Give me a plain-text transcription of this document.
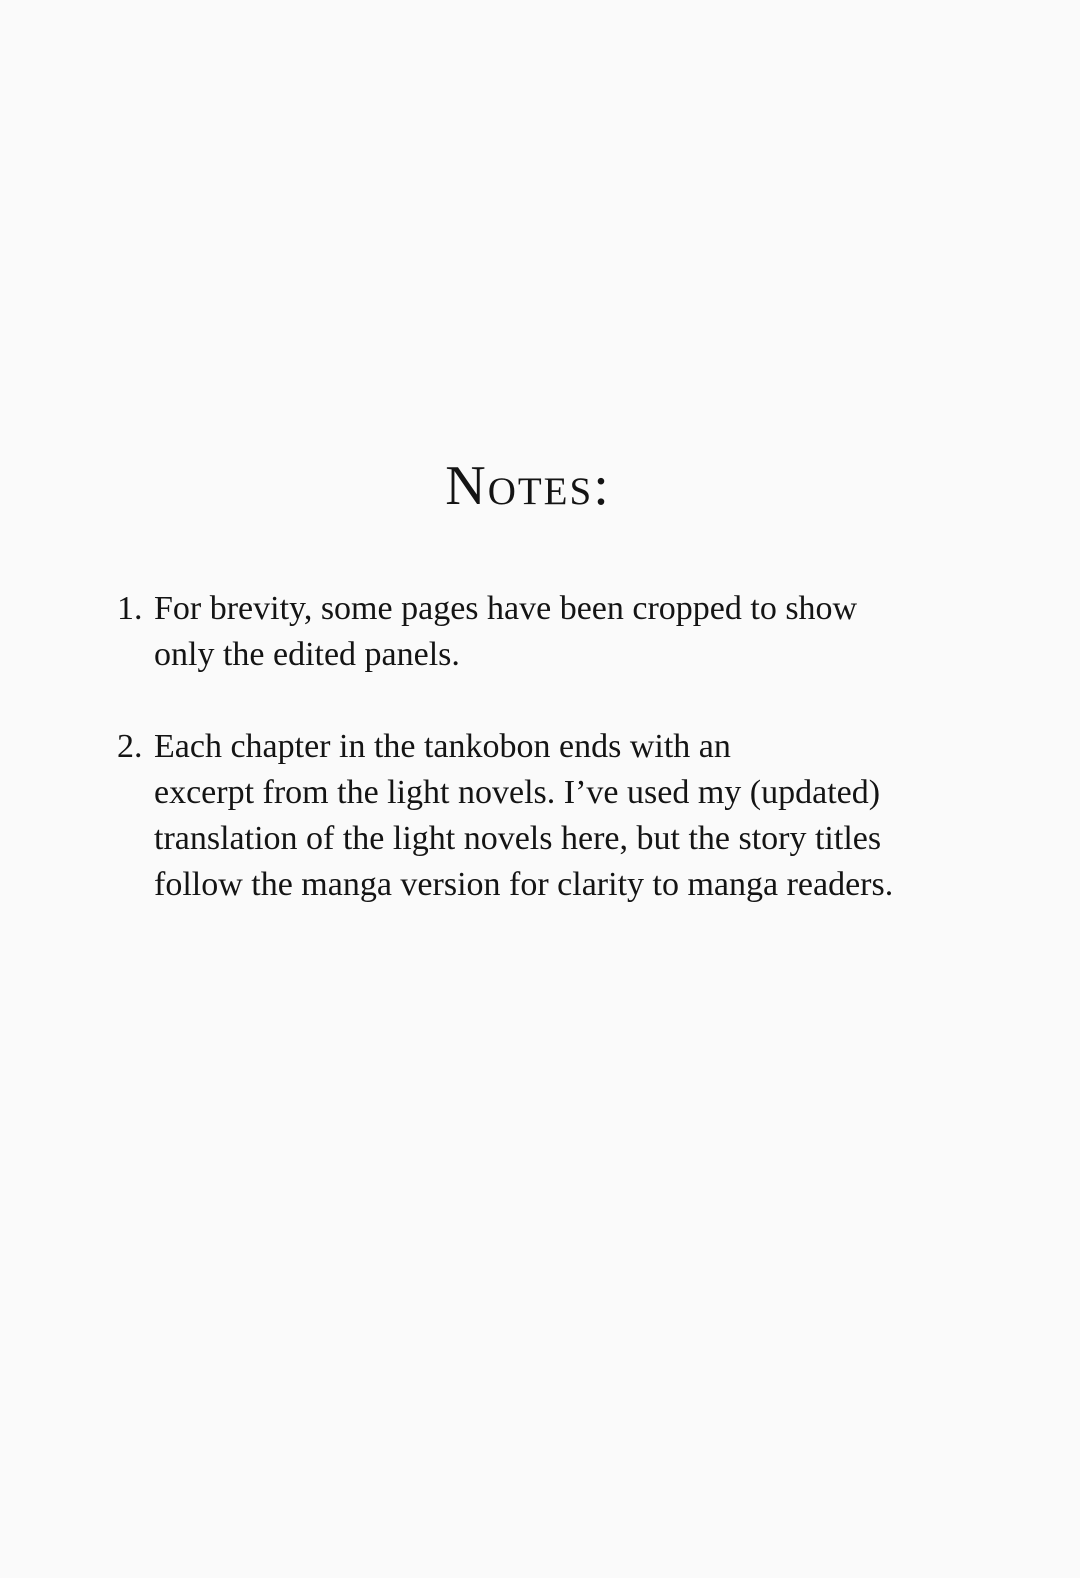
Notes:
1. For brevity, some pages have been cropped to show
only the edited panels.
2. Each chapter in the tankobon ends with an
excerpt from the light novels. I’ve used my (updated)
translation of the light novels here, but the story titles
follow the manga version for clarity to manga readers.
